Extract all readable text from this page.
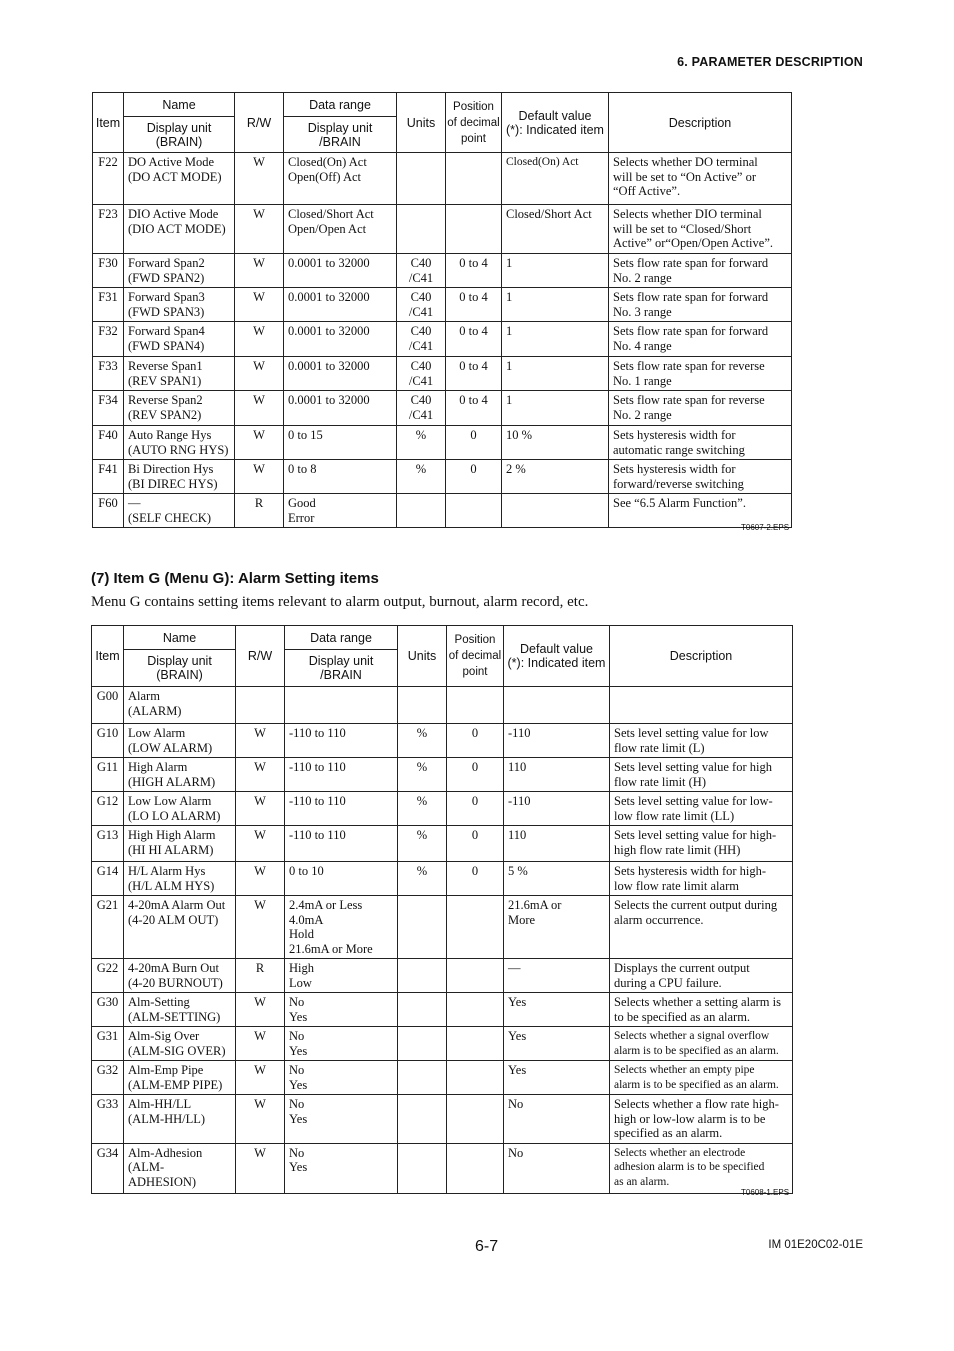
6. PARAMETER DESCRIPTION
Item	Name	R/W	Data range	Units	Position
of decimal
point	Default value
(*): Indicated item	Description
	Display unit
(BRAIN)		Display unit
/BRAIN				

F22	DO Active Mode
(DO ACT MODE)	W	Closed(On) Act
Open(Off) Act			Closed(On) Act	Selects whether DO terminal
will be set to “On Active” or
“Off Active”.

F23	DIO Active Mode
(DIO ACT MODE)	W	Closed/Short Act
Open/Open Act			Closed/Short Act	Selects whether DIO terminal
will be set to “Closed/Short
Active” or“Open/Open Active”.

F30	Forward Span2
(FWD SPAN2)	W	0.0001 to 32000	C40
/C41	0 to 4	1	Sets flow rate span for forward
No. 2 range

F31	Forward Span3
(FWD SPAN3)	W	0.0001 to 32000	C40
/C41	0 to 4	1	Sets flow rate span for forward
No. 3 range

F32	Forward Span4
(FWD SPAN4)	W	0.0001 to 32000	C40
/C41	0 to 4	1	Sets flow rate span for forward
No. 4 range

F33	Reverse Span1
(REV SPAN1)	W	0.0001 to 32000	C40
/C41	0 to 4	1	Sets flow rate span for reverse
No. 1 range

F34	Reverse Span2
(REV SPAN2)	W	0.0001 to 32000	C40
/C41	0 to 4	1	Sets flow rate span for reverse
No. 2 range

F40	Auto Range Hys
(AUTO RNG HYS)	W	0 to 15	%	0	10 %	Sets hysteresis width for
automatic range switching

F41	Bi Direction Hys
(BI DIREC HYS)	W	0 to 8	%	0	2 %	Sets hysteresis width for
forward/reverse switching

F60	—
(SELF CHECK)	R	Good
Error				See “6.5 Alarm Function”.
T0607-2.EPS
(7) Item G (Menu G): Alarm Setting items
Menu G contains setting items relevant to alarm output, burnout, alarm record, etc.
Item	Name	R/W	Data range	Units	Position
of decimal
point	Default value
(*): Indicated item	Description
	Display unit
(BRAIN)		Display unit
/BRAIN				

G00	Alarm
(ALARM)						

G10	Low Alarm
(LOW ALARM)	W	-110 to 110	%	0	-110	Sets level setting value for low
flow rate limit (L)

G11	High Alarm
(HIGH ALARM)	W	-110 to 110	%	0	110	Sets level setting value for high
flow rate limit (H)

G12	Low Low Alarm
(LO LO ALARM)	W	-110 to 110	%	0	-110	Sets level setting value for low-
low flow rate limit (LL)

G13	High High Alarm
(HI HI ALARM)	W	-110 to 110	%	0	110	Sets level setting value for high-
high flow rate limit (HH)

G14	H/L Alarm Hys
(H/L ALM HYS)	W	0 to 10	%	0	5 %	Sets hysteresis width for high-
low flow rate limit alarm

G21	4-20mA Alarm Out
(4-20 ALM OUT)	W	2.4mA or Less
4.0mA
Hold
21.6mA or More			21.6mA or
More	Selects the current output during
alarm occurrence.

G22	4-20mA Burn Out
(4-20 BURNOUT)	R	High
Low			—	Displays the current output
during a CPU failure.

G30	Alm-Setting
(ALM-SETTING)	W	No
Yes			Yes	Selects whether a setting alarm is
to be specified as an alarm.

G31	Alm-Sig Over
(ALM-SIG OVER)	W	No
Yes			Yes	Selects whether a signal overflow
alarm is to be specified as an alarm.

G32	Alm-Emp Pipe
(ALM-EMP PIPE)	W	No
Yes			Yes	Selects whether an empty pipe
alarm is to be specified as an alarm.

G33	Alm-HH/LL
(ALM-HH/LL)	W	No
Yes			No	Selects whether a flow rate high-
high or low-low alarm is to be
specified as an alarm.

G34	Alm-Adhesion
(ALM-ADHESION)	W	No
Yes			No	Selects whether an electrode
adhesion alarm is to be specified
as an alarm.
T0608-1.EPS
6-7	IM 01E20C02-01E
